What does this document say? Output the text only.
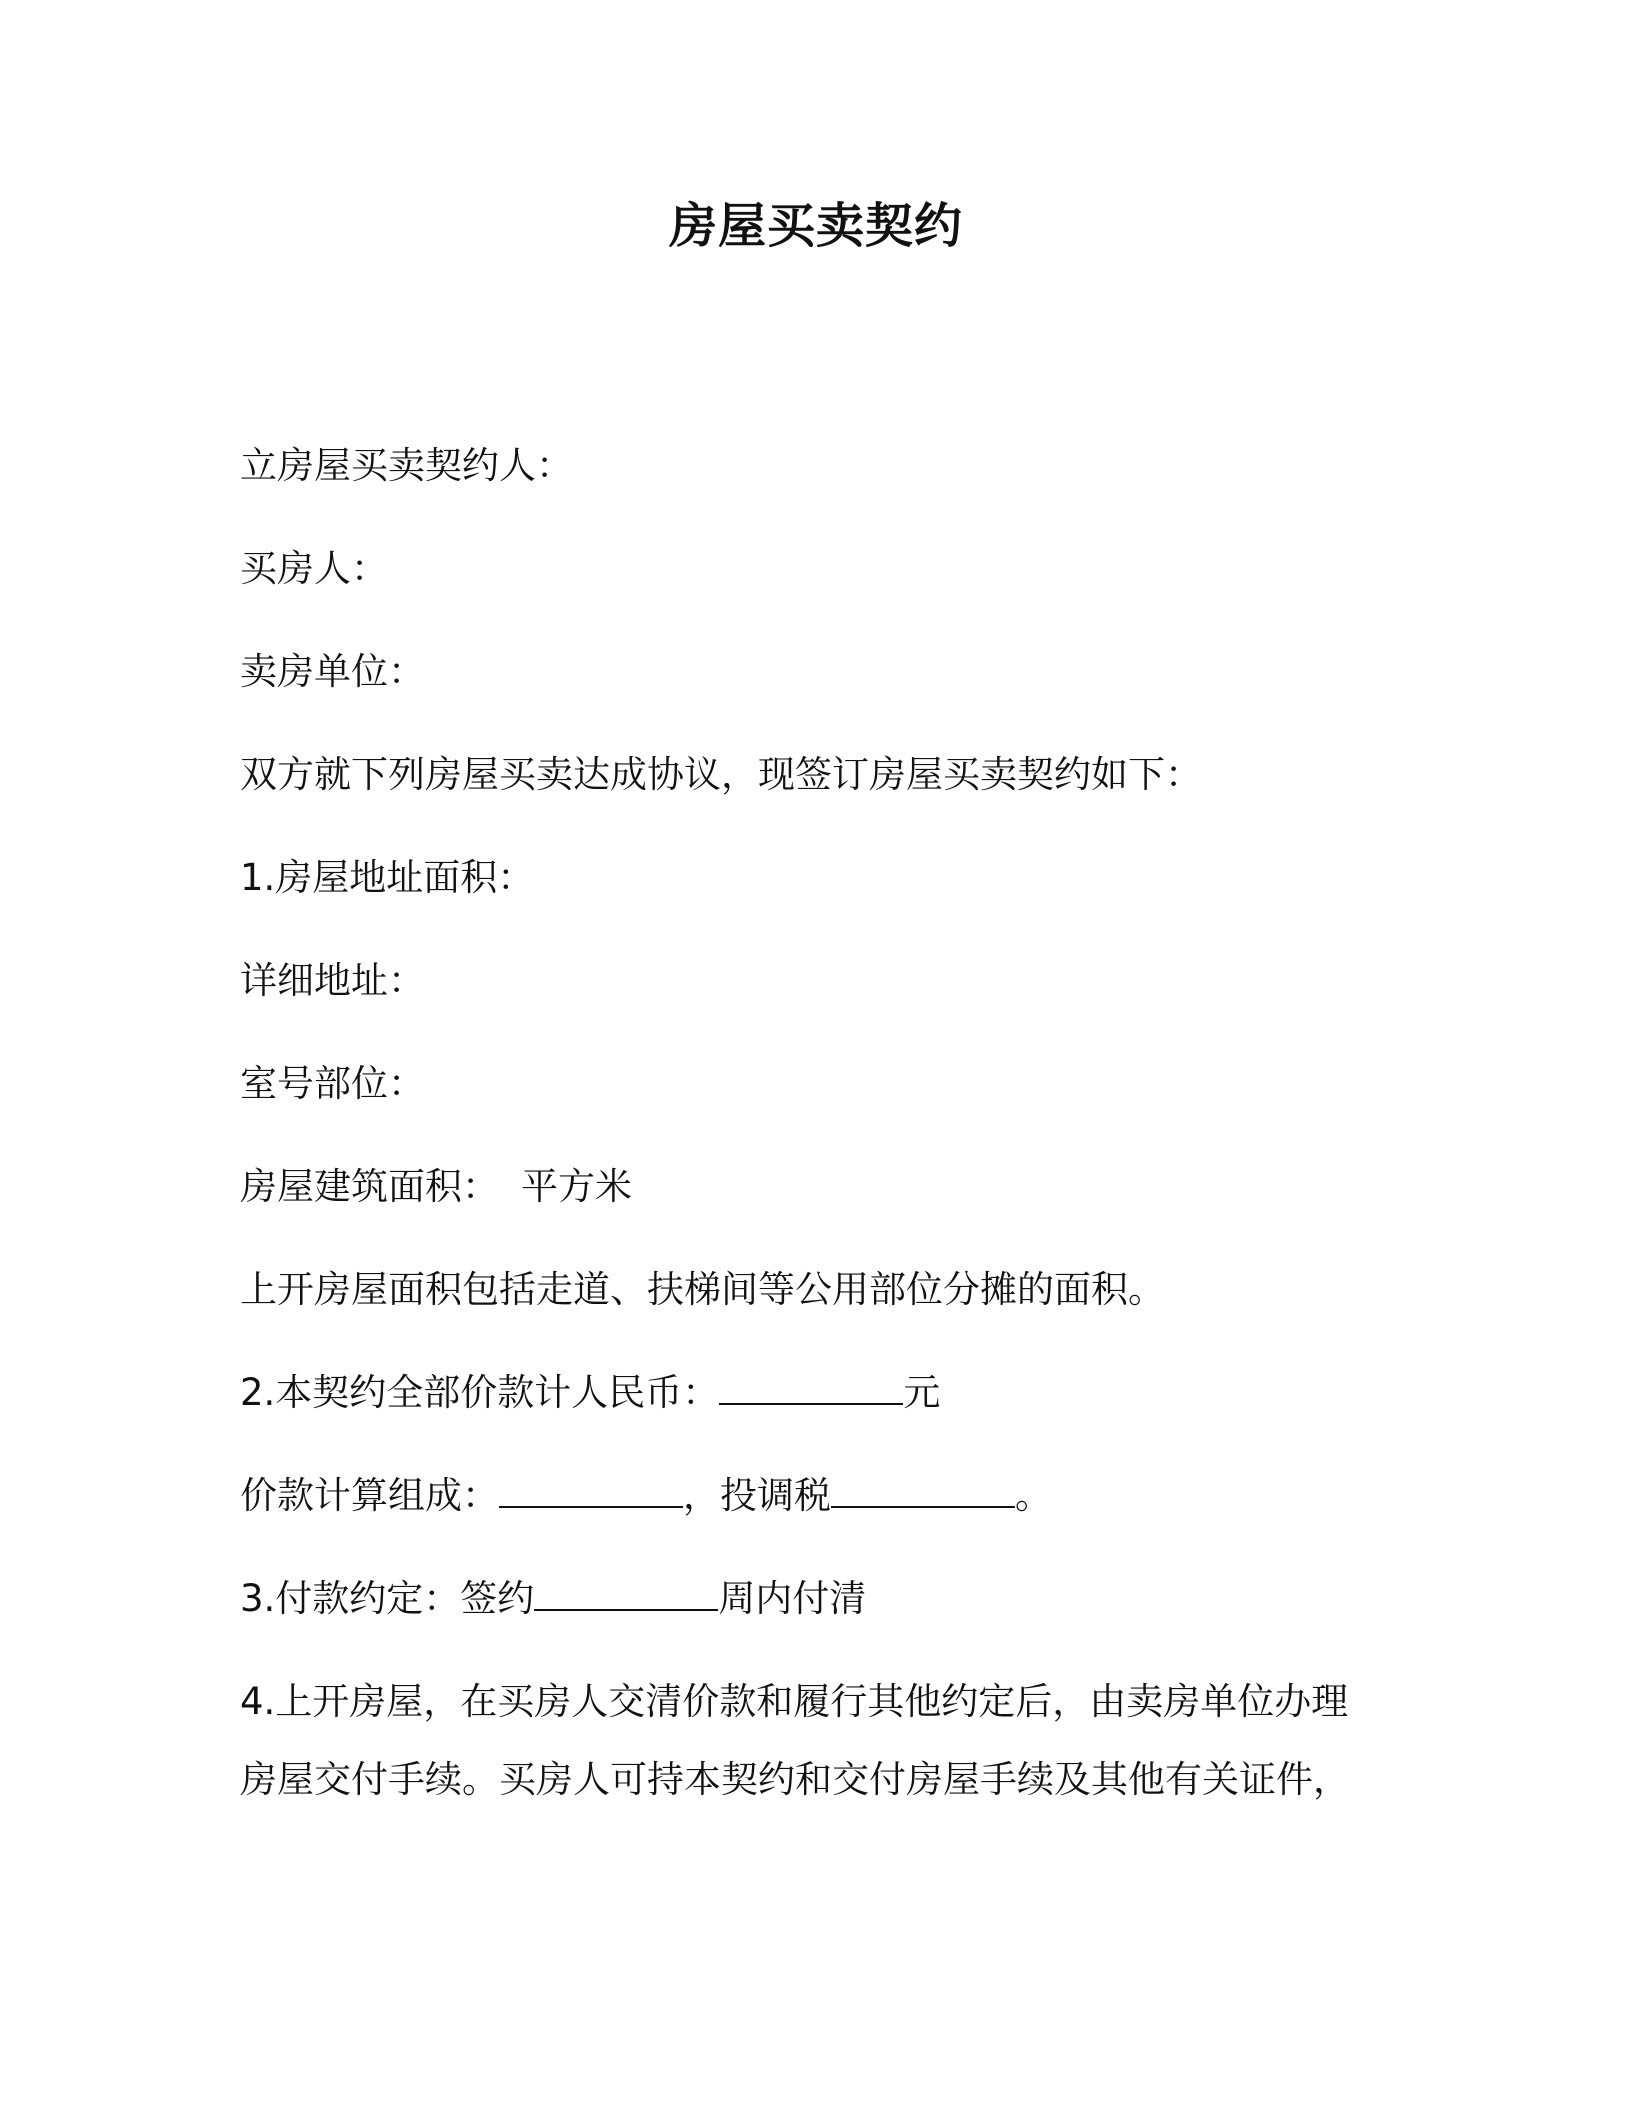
房屋买卖契约
立房屋买卖契约人：
买房人：
卖房单位：
双方就下列房屋买卖达成协议，现签订房屋买卖契约如下：
1.房屋地址面积：
详细地址：
室号部位：
房屋建筑面积： 平方米
上开房屋面积包括走道、扶梯间等公用部位分摊的面积。
2.本契约全部价款计人民币：	元
价款计算组成：	，投调税	。
3.付款约定：签约	周内付清
4.上开房屋，在买房人交清价款和履行其他约定后，由卖房单位办理
房屋交付手续。买房人可持本契约和交付房屋手续及其他有关证件，
